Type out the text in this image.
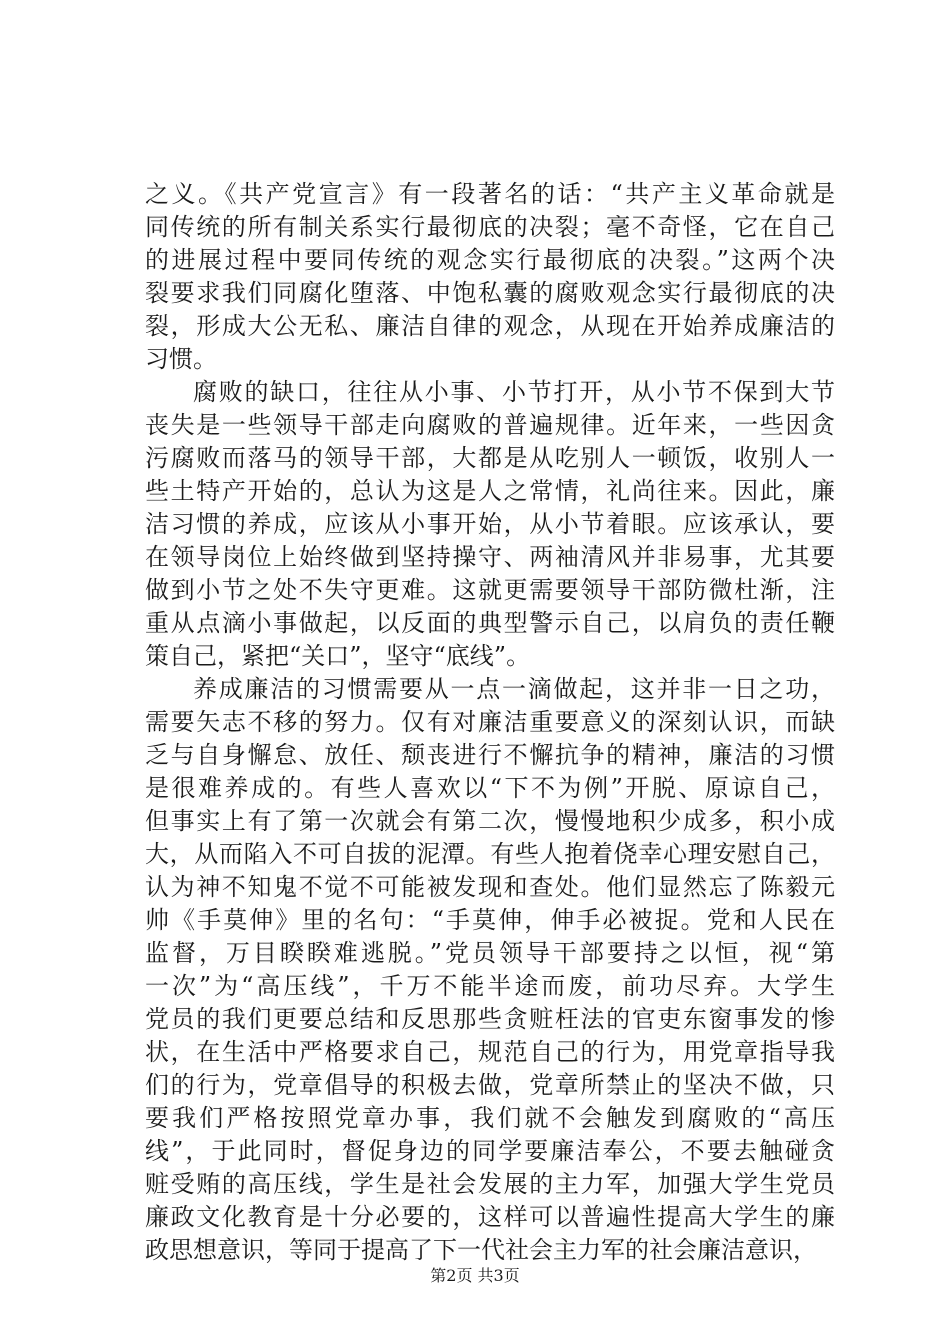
之义。《共产党宣言》有一段著名的话：“共产主义革命就是
同传统的所有制关系实行最彻底的决裂；毫不奇怪，它在自己
的进展过程中要同传统的观念实行最彻底的决裂。”这两个决
裂要求我们同腐化堕落、中饱私囊的腐败观念实行最彻底的决
裂，形成大公无私、廉洁自律的观念，从现在开始养成廉洁的
习惯。
腐败的缺口，往往从小事、小节打开，从小节不保到大节
丧失是一些领导干部走向腐败的普遍规律。近年来，一些因贪
污腐败而落马的领导干部，大都是从吃别人一顿饭，收别人一
些土特产开始的，总认为这是人之常情，礼尚往来。因此，廉
洁习惯的养成，应该从小事开始，从小节着眼。应该承认，要
在领导岗位上始终做到坚持操守、两袖清风并非易事，尤其要
做到小节之处不失守更难。这就更需要领导干部防微杜渐，注
重从点滴小事做起，以反面的典型警示自己，以肩负的责任鞭
策自己，紧把“关口”，坚守“底线”。
养成廉洁的习惯需要从一点一滴做起，这并非一日之功，
需要矢志不移的努力。仅有对廉洁重要意义的深刻认识，而缺
乏与自身懈怠、放任、颓丧进行不懈抗争的精神，廉洁的习惯
是很难养成的。有些人喜欢以“下不为例”开脱、原谅自己，
但事实上有了第一次就会有第二次，慢慢地积少成多，积小成
大，从而陷入不可自拔的泥潭。有些人抱着侥幸心理安慰自己，
认为神不知鬼不觉不可能被发现和查处。他们显然忘了陈毅元
帅《手莫伸》里的名句：“手莫伸，伸手必被捉。党和人民在
监督，万目睽睽难逃脱。”党员领导干部要持之以恒，视“第
一次”为“高压线”，千万不能半途而废，前功尽弃。大学生
党员的我们更要总结和反思那些贪赃枉法的官吏东窗事发的惨
状，在生活中严格要求自己，规范自己的行为，用党章指导我
们的行为，党章倡导的积极去做，党章所禁止的坚决不做，只
要我们严格按照党章办事，我们就不会触发到腐败的“高压
线”，于此同时，督促身边的同学要廉洁奉公，不要去触碰贪
赃受贿的高压线，学生是社会发展的主力军，加强大学生党员
廉政文化教育是十分必要的，这样可以普遍性提高大学生的廉
政思想意识，等同于提高了下一代社会主力军的社会廉洁意识，
第2页 共3页
